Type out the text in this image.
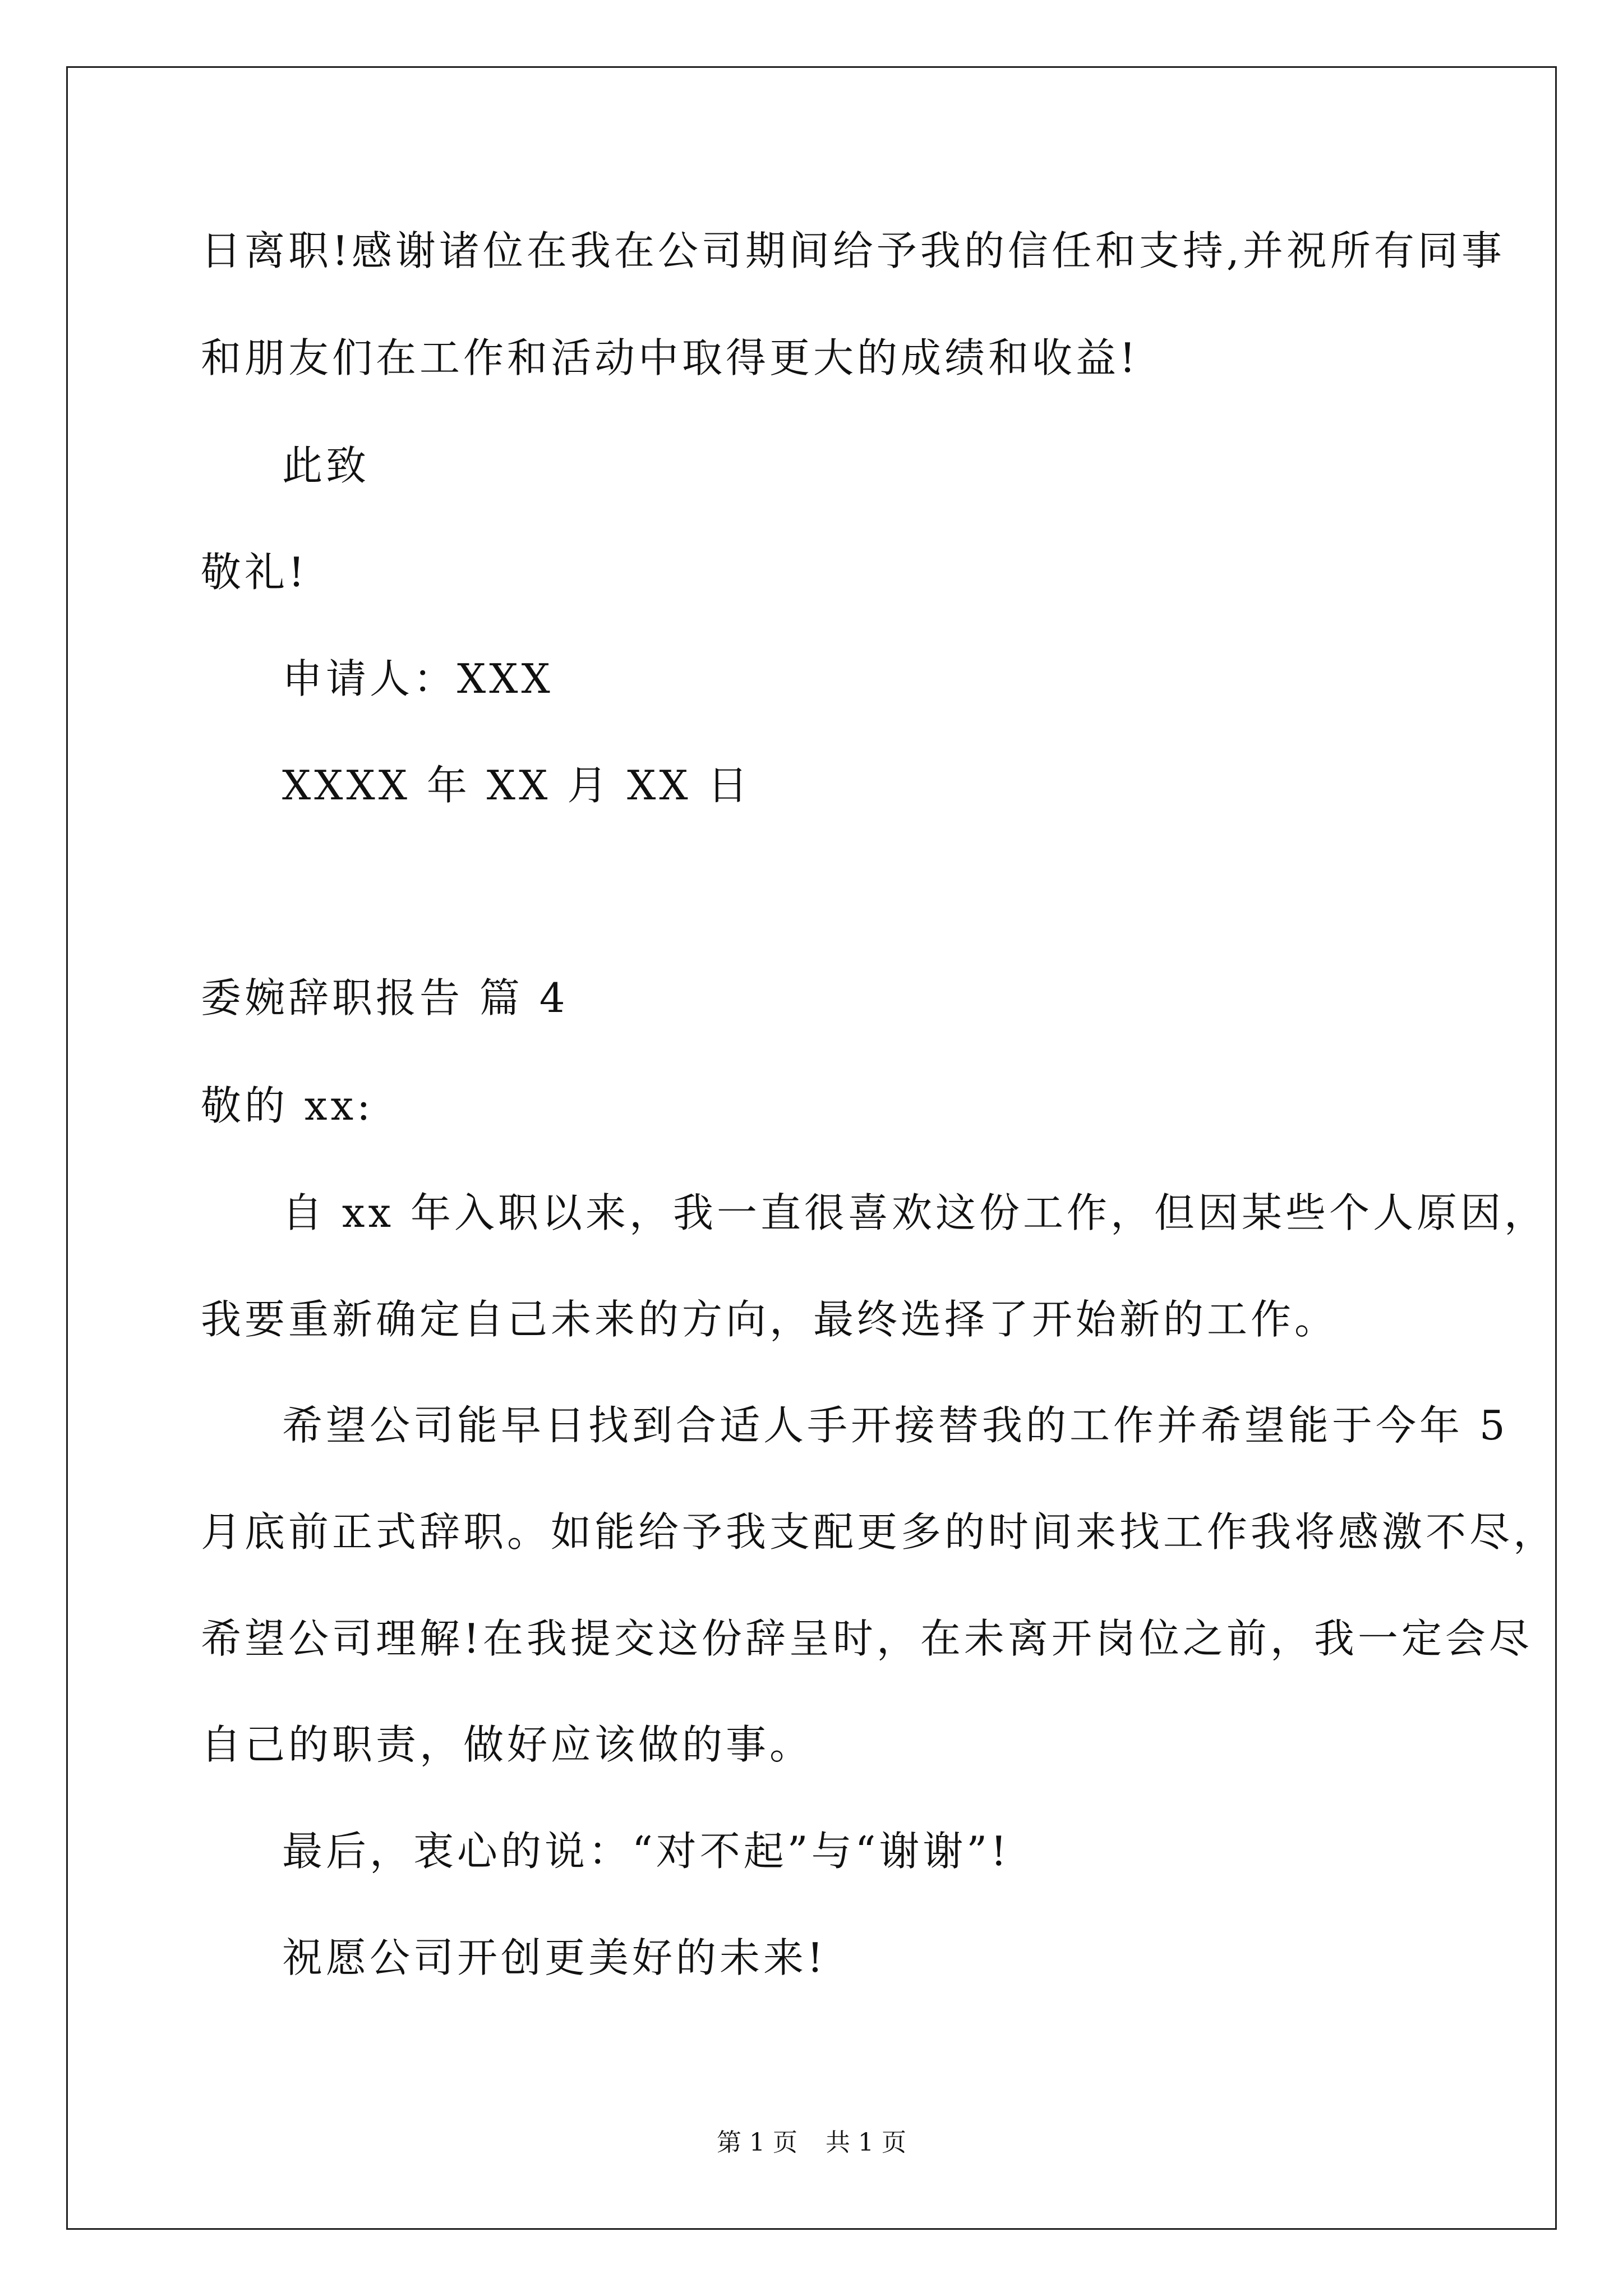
日离职!感谢诸位在我在公司期间给予我的信任和支持,并祝所有同事
和朋友们在工作和活动中取得更大的成绩和收益!
此致
敬礼!
申请人：XXX
XXXX 年 XX 月 XX 日
委婉辞职报告 篇 4
敬的 xx:
自 xx 年入职以来，我一直很喜欢这份工作，但因某些个人原因，
我要重新确定自己未来的方向，最终选择了开始新的工作。
希望公司能早日找到合适人手开接替我的工作并希望能于今年 5
月底前正式辞职。如能给予我支配更多的时间来找工作我将感激不尽，
希望公司理解!在我提交这份辞呈时，在未离开岗位之前，我一定会尽
自己的职责，做好应该做的事。
最后，衷心的说：“对不起”与“谢谢”!
祝愿公司开创更美好的未来!
第 1 页 共 1 页
